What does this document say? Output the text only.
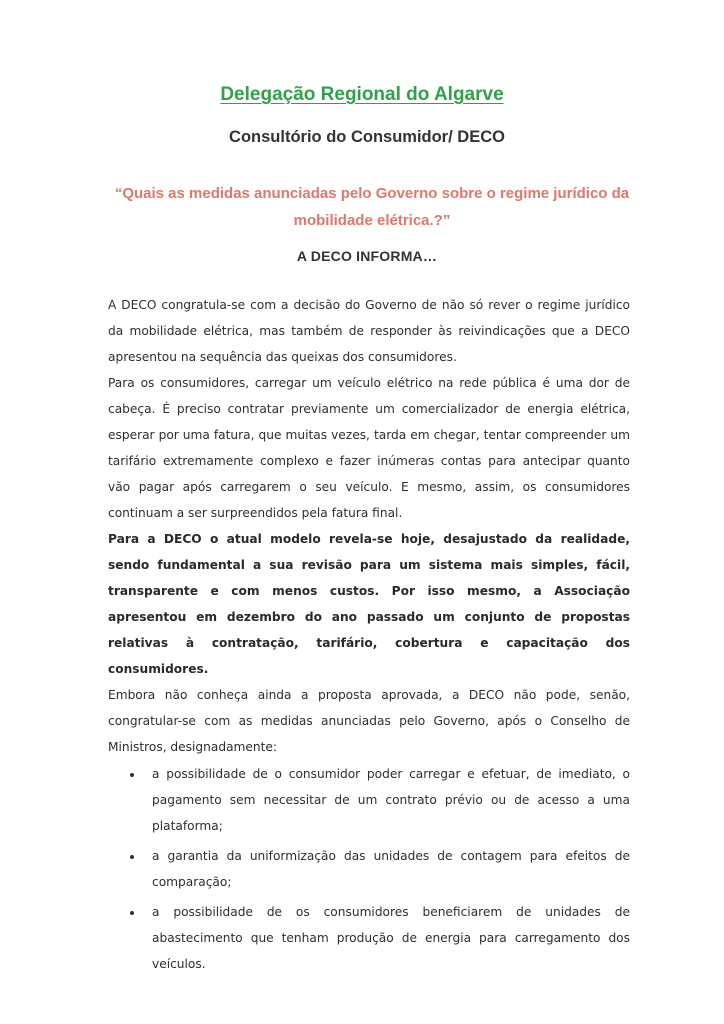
Delegação Regional do Algarve
Consultório do Consumidor/ DECO
“Quais as medidas anunciadas pelo Governo sobre o regime jurídico da mobilidade elétrica.?”
A DECO INFORMA…

A DECO congratula-se com a decisão do Governo de não só rever o regime jurídico da mobilidade elétrica, mas também de responder às reivindicações que a DECO apresentou na sequência das queixas dos consumidores.

Para os consumidores, carregar um veículo elétrico na rede pública é uma dor de cabeça. É preciso contratar previamente um comercializador de energia elétrica, esperar por uma fatura, que muitas vezes, tarda em chegar, tentar compreender um tarifário extremamente complexo e fazer inúmeras contas para antecipar quanto vão pagar após carregarem o seu veículo. E mesmo, assim, os consumidores continuam a ser surpreendidos pela fatura final.

Para a DECO o atual modelo revela-se hoje, desajustado da realidade, sendo fundamental a sua revisão para um sistema mais simples, fácil, transparente e com menos custos. Por isso mesmo, a Associação apresentou em dezembro do ano passado um conjunto de propostas relativas à contratação, tarifário, cobertura e capacitação dos consumidores.

Embora não conheça ainda a proposta aprovada, a DECO não pode, senão, congratular-se com as medidas anunciadas pelo Governo, após o Conselho de Ministros, designadamente:

a possibilidade de o consumidor poder carregar e efetuar, de imediato, o pagamento sem necessitar de um contrato prévio ou de acesso a uma plataforma;
a garantia da uniformização das unidades de contagem para efeitos de comparação;
a possibilidade de os consumidores beneficiarem de unidades de abastecimento que tenham produção de energia para carregamento dos veículos.
